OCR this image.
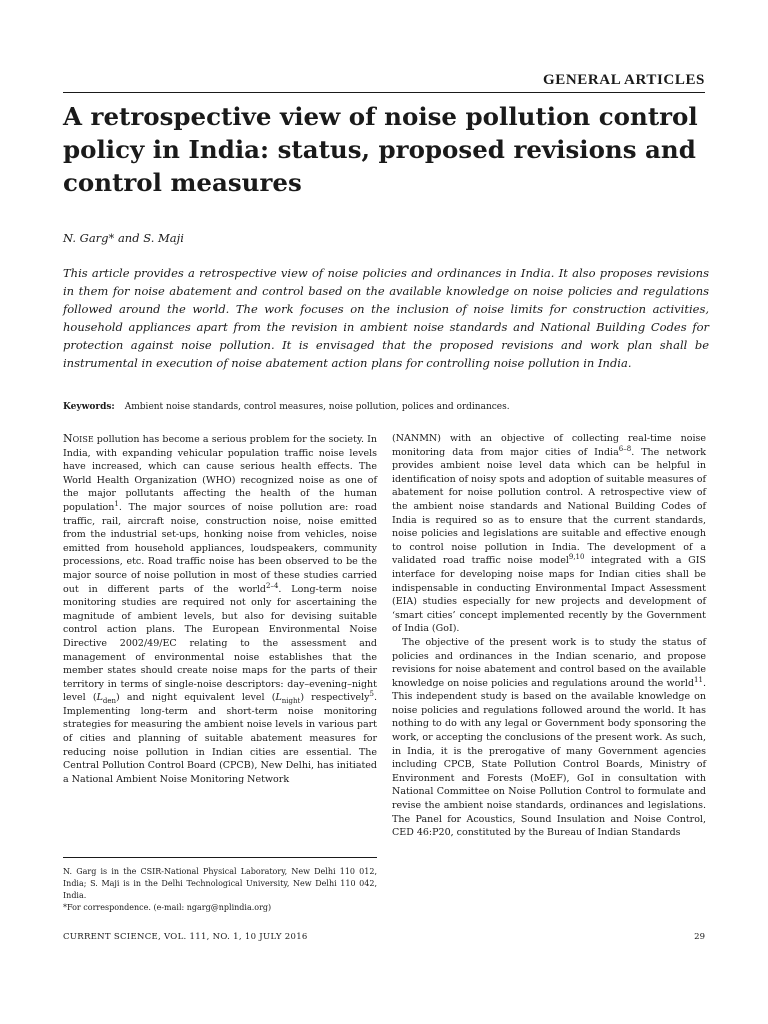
GENERAL ARTICLES
A retrospective view of noise pollution control policy in India: status, proposed revisions and control measures
N. Garg* and S. Maji

This article provides a retrospective view of noise policies and ordinances in India. It also proposes revisions in them for noise abatement and control based on the available knowledge on noise policies and regulations followed around the world. The work focuses on the inclusion of noise limits for construction activities, household appliances apart from the revision in ambient noise standards and National Building Codes for protection against noise pollution. It is envisaged that the proposed revisions and work plan shall be instrumental in execution of noise abatement action plans for controlling noise pollution in India.

Keywords: Ambient noise standards, control measures, noise pollution, polices and ordinances.

Noise pollution has become a serious problem for the society. In India, with expanding vehicular population traffic noise levels have increased, which can cause serious health effects. The World Health Organization (WHO) recognized noise as one of the major pollutants affecting the health of the human population$^1$. The major sources of noise pollution are: road traffic, rail, aircraft noise, construction noise, noise emitted from the industrial set-ups, honking noise from vehicles, noise emitted from household appliances, loudspeakers, community processions, etc. Road traffic noise has been observed to be the major source of noise pollution in most of these studies carried out in different parts of the world$^{2-4}$. Long-term noise monitoring studies are required not only for ascertaining the magnitude of ambient levels, but also for devising suitable control action plans. The European Environmental Noise Directive 2002/49/EC relating to the assessment and management of environmental noise establishes that the member states should create noise maps for the parts of their territory in terms of single-noise descriptors: day–evening–night level $(L_{den})$ and night equivalent level $(L_{night})$ respectively$^5$. Implementing long-term and short-term noise monitoring strategies for measuring the ambient noise levels in various part of cities and planning of suitable abatement measures for reducing noise pollution in Indian cities are essential. The Central Pollution Control Board (CPCB), New Delhi, has initiated a National Ambient Noise Monitoring Network

(NANMN) with an objective of collecting real-time noise monitoring data from major cities of India$^{6-8}$. The network provides ambient noise level data which can be helpful in identification of noisy spots and adoption of suitable measures of abatement for noise pollution control. A retrospective view of the ambient noise standards and National Building Codes of India is required so as to ensure that the current standards, noise policies and legislations are suitable and effective enough to control noise pollution in India. The development of a validated road traffic noise model$^{9,10}$ integrated with a GIS interface for developing noise maps for Indian cities shall be indispensable in conducting Environmental Impact Assessment (EIA) studies especially for new projects and development of ‘smart cities’ concept implemented recently by the Government of India (GoI).

The objective of the present work is to study the status of policies and ordinances in the Indian scenario, and propose revisions for noise abatement and control based on the available knowledge on noise policies and regulations around the world$^{11}$. This independent study is based on the available knowledge on noise policies and regulations followed around the world. It has nothing to do with any legal or Government body sponsoring the work, or accepting the conclusions of the present work. As such, in India, it is the prerogative of many Government agencies including CPCB, State Pollution Control Boards, Ministry of Environment and Forests (MoEF), GoI in consultation with National Committee on Noise Pollution Control to formulate and revise the ambient noise standards, ordinances and legislations. The Panel for Acoustics, Sound Insulation and Noise Control, CED 46:P20, constituted by the Bureau of Indian Standards

N. Garg is in the CSIR-National Physical Laboratory, New Delhi 110 012, India; S. Maji is in the Delhi Technological University, New Delhi 110 042, India.

*For correspondence. (e-mail: ngarg@nplindia.org)

CURRENT SCIENCE, VOL. 111, NO. 1, 10 JULY 2016	29
